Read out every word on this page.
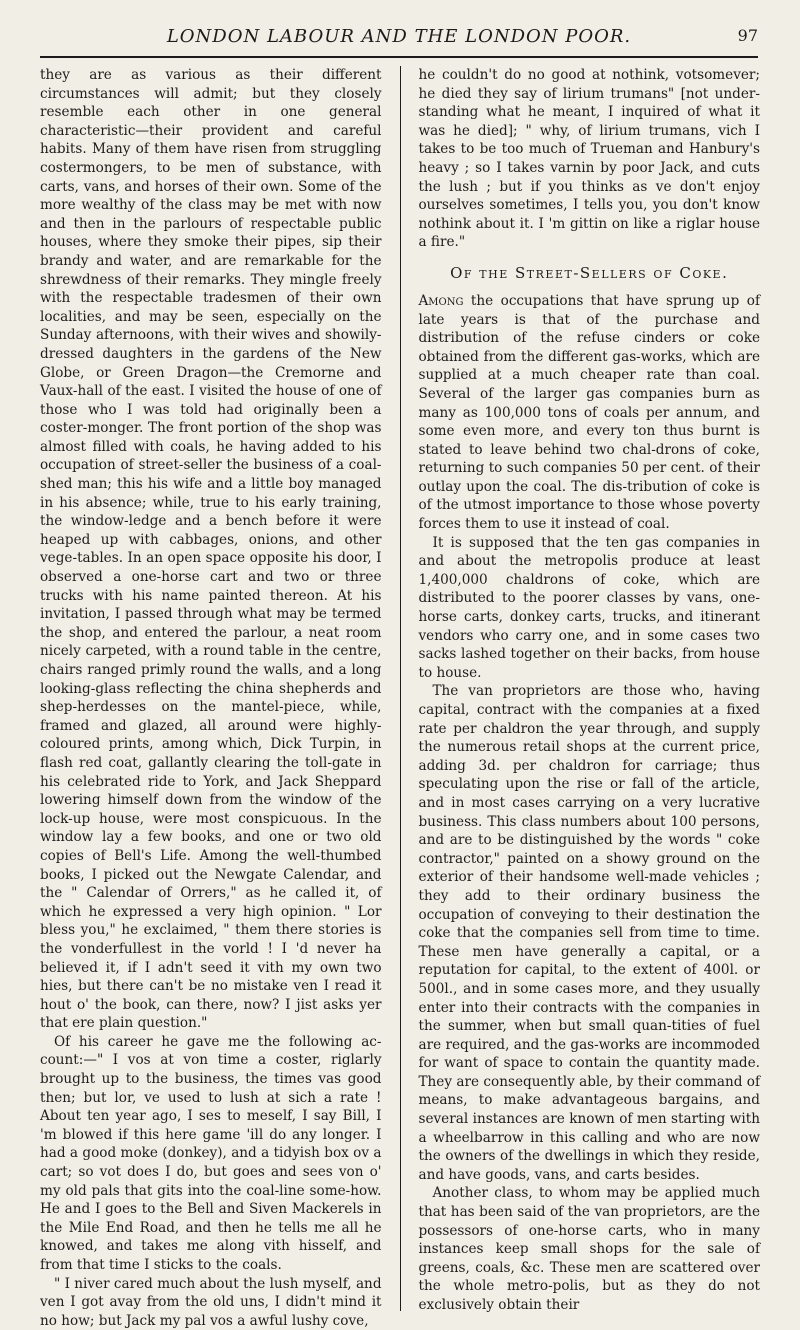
LONDON LABOUR AND THE LONDON POOR.	97

they are as various as their different circumstances will admit; but they closely resemble each other in one general characteristic—their provident and careful habits. Many of them have risen from struggling costermongers, to be men of substance, with carts, vans, and horses of their own. Some of the more wealthy of the class may be met with now and then in the parlours of respectable public houses, where they smoke their pipes, sip their brandy and water, and are remarkable for the shrewdness of their remarks. They mingle freely with the respectable tradesmen of their own localities, and may be seen, especially on the Sunday afternoons, with their wives and showily-dressed daughters in the gardens of the New Globe, or Green Dragon—the Cremorne and Vaux-hall of the east. I visited the house of one of those who I was told had originally been a coster-monger. The front portion of the shop was almost filled with coals, he having added to his occupation of street-seller the business of a coal-shed man; this his wife and a little boy managed in his absence; while, true to his early training, the window-ledge and a bench before it were heaped up with cabbages, onions, and other vege-tables. In an open space opposite his door, I observed a one-horse cart and two or three trucks with his name painted thereon. At his invitation, I passed through what may be termed the shop, and entered the parlour, a neat room nicely carpeted, with a round table in the centre, chairs ranged primly round the walls, and a long looking-glass reflecting the china shepherds and shep-herdesses on the mantel-piece, while, framed and glazed, all around were highly-coloured prints, among which, Dick Turpin, in flash red coat, gallantly clearing the toll-gate in his celebrated ride to York, and Jack Sheppard lowering himself down from the window of the lock-up house, were most conspicuous. In the window lay a few books, and one or two old copies of Bell's Life. Among the well-thumbed books, I picked out the Newgate Calendar, and the " Calendar of Orrers," as he called it, of which he expressed a very high opinion. " Lor bless you," he exclaimed, " them there stories is the vonderfullest in the vorld ! I 'd never ha believed it, if I adn't seed it vith my own two hies, but there can't be no mistake ven I read it hout o' the book, can there, now? I jist asks yer that ere plain question."

Of his career he gave me the following ac-count:—" I vos at von time a coster, riglarly brought up to the business, the times vas good then; but lor, ve used to lush at sich a rate ! About ten year ago, I ses to meself, I say Bill, I 'm blowed if this here game 'ill do any longer. I had a good moke (donkey), and a tidyish box ov a cart; so vot does I do, but goes and sees von o' my old pals that gits into the coal-line some-how. He and I goes to the Bell and Siven Mackerels in the Mile End Road, and then he tells me all he knowed, and takes me along vith hisself, and from that time I sticks to the coals.

" I niver cared much about the lush myself, and ven I got avay from the old uns, I didn't mind it no how; but Jack my pal vos a awful lushy cove,

he couldn't do no good at nothink, votsomever; he died they say of lirium trumans" [not under-standing what he meant, I inquired of what it was he died]; " why, of lirium trumans, vich I takes to be too much of Trueman and Hanbury's heavy ; so I takes varnin by poor Jack, and cuts the lush ; but if you thinks as ve don't enjoy ourselves sometimes, I tells you, you don't know nothink about it. I 'm gittin on like a riglar house a fire."

Of the Street-Sellers of Coke.

Among the occupations that have sprung up of late years is that of the purchase and distribution of the refuse cinders or coke obtained from the different gas-works, which are supplied at a much cheaper rate than coal. Several of the larger gas companies burn as many as 100,000 tons of coals per annum, and some even more, and every ton thus burnt is stated to leave behind two chal-drons of coke, returning to such companies 50 per cent. of their outlay upon the coal. The dis-tribution of coke is of the utmost importance to those whose poverty forces them to use it instead of coal.

It is supposed that the ten gas companies in and about the metropolis produce at least 1,400,000 chaldrons of coke, which are distributed to the poorer classes by vans, one-horse carts, donkey carts, trucks, and itinerant vendors who carry one, and in some cases two sacks lashed together on their backs, from house to house.

The van proprietors are those who, having capital, contract with the companies at a fixed rate per chaldron the year through, and supply the numerous retail shops at the current price, adding 3d. per chaldron for carriage; thus speculating upon the rise or fall of the article, and in most cases carrying on a very lucrative business. This class numbers about 100 persons, and are to be distinguished by the words " coke contractor," painted on a showy ground on the exterior of their handsome well-made vehicles ; they add to their ordinary business the occupation of conveying to their destination the coke that the companies sell from time to time. These men have generally a capital, or a reputation for capital, to the extent of 400l. or 500l., and in some cases more, and they usually enter into their contracts with the companies in the summer, when but small quan-tities of fuel are required, and the gas-works are incommoded for want of space to contain the quantity made. They are consequently able, by their command of means, to make advantageous bargains, and several instances are known of men starting with a wheelbarrow in this calling and who are now the owners of the dwellings in which they reside, and have goods, vans, and carts besides.

Another class, to whom may be applied much that has been said of the van proprietors, are the possessors of one-horse carts, who in many instances keep small shops for the sale of greens, coals, &c. These men are scattered over the whole metro-polis, but as they do not exclusively obtain their
